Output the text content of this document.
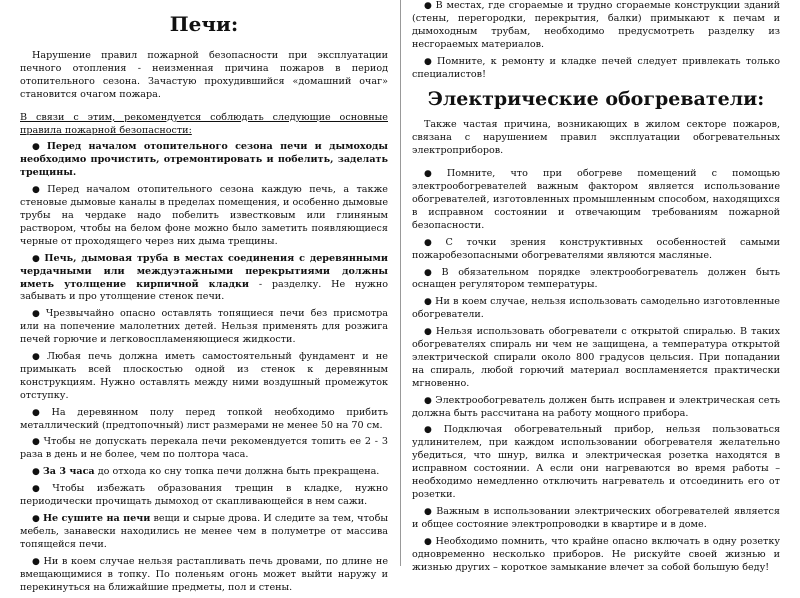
Печи:

Нарушение правил пожарной безопасности при эксплуатации печного отопления - неизменная причина пожаров в период отопительного сезона. Зачастую прохудившийся «домашний очаг» становится очагом пожара.

В связи с этим, рекомендуется соблюдать следующие основные правила пожарной безопасности:

● Перед началом отопительного сезона печи и дымоходы необходимо прочистить, отремонтировать и побелить, заделать трещины.

● Перед началом отопительного сезона каждую печь, а также стеновые дымовые каналы в пределах помещения, и особенно дымовые трубы на чердаке надо побелить известковым или глиняным раствором, чтобы на белом фоне можно было заметить появляющиеся черные от проходящего через них дыма трещины.

● Печь, дымовая труба в местах соединения с деревянными чердачными или междуэтажными перекрытиями должны иметь утолщение кирпичной кладки - разделку. Не нужно забывать и про утолщение стенок печи.

● Чрезвычайно опасно оставлять топящиеся печи без присмотра или на попечение малолетних детей. Нельзя применять для розжига печей горючие и легковоспламеняющиеся жидкости.

● Любая печь должна иметь самостоятельный фундамент и не примыкать всей плоскостью одной из стенок к деревянным конструкциям. Нужно оставлять между ними воздушный промежуток отступку.

● На деревянном полу перед топкой необходимо прибить металлический (предтопочный) лист размерами не менее 50 на 70 см.

● Чтобы не допускать перекала печи рекомендуется топить ее 2 - 3 раза в день и не более, чем по полтора часа.

● За 3 часа до отхода ко сну топка печи должна быть прекращена.

● Чтобы избежать образования трещин в кладке, нужно периодически прочищать дымоход от скапливающейся в нем сажи.

● Не сушите на печи вещи и сырые дрова. И следите за тем, чтобы мебель, занавески находились не менее чем в полуметре от массива топящейся печи.

● Ни в коем случае нельзя растапливать печь дровами, по длине не вмещающимися в топку. По поленьям огонь может выйти наружу и перекинуться на ближайшие предметы, пол и стены.

● В местах, где сгораемые и трудно сгораемые конструкции зданий (стены, перегородки, перекрытия, балки) примыкают к печам и дымоходным трубам, необходимо предусмотреть разделку из несгораемых материалов.

● Помните, к ремонту и кладке печей следует привлекать только специалистов!

Электрические обогреватели:

Также частая причина, возникающих в жилом секторе пожаров, связана с нарушением правил эксплуатации обогревательных электроприборов.

● Помните, что при обогреве помещений с помощью электрообогревателей важным фактором является использование обогревателей, изготовленных промышленным способом, находящихся в исправном состоянии и отвечающим требованиям пожарной безопасности.

● С точки зрения конструктивных особенностей самыми пожаробезопасными обогревателями являются масляные.

● В обязательном порядке электрообогреватель должен быть оснащен регулятором температуры.

● Ни в коем случае, нельзя использовать самодельно изготовленные обогреватели.

● Нельзя использовать обогреватели с открытой спиралью. В таких обогревателях спираль ни чем не защищена, а температура открытой электрической спирали около 800 градусов цельсия. При попадании на спираль, любой горючий материал воспламеняется практически мгновенно.

● Электрообогреватель должен быть исправен и электрическая сеть должна быть рассчитана на работу мощного прибора.

● Подключая обогревательный прибор, нельзя пользоваться удлинителем, при каждом использовании обогревателя желательно убедиться, что шнур, вилка и электрическая розетка находятся в исправном состоянии. А если они нагреваются во время работы – необходимо немедленно отключить нагреватель и отсоединить его от розетки.

● Важным в использовании электрических обогревателей является и общее состояние электропроводки в квартире и в доме.

● Необходимо помнить, что крайне опасно включать в одну розетку одновременно несколько приборов. Не рискуйте своей жизнью и жизнью других – короткое замыкание влечет за собой большую беду!
